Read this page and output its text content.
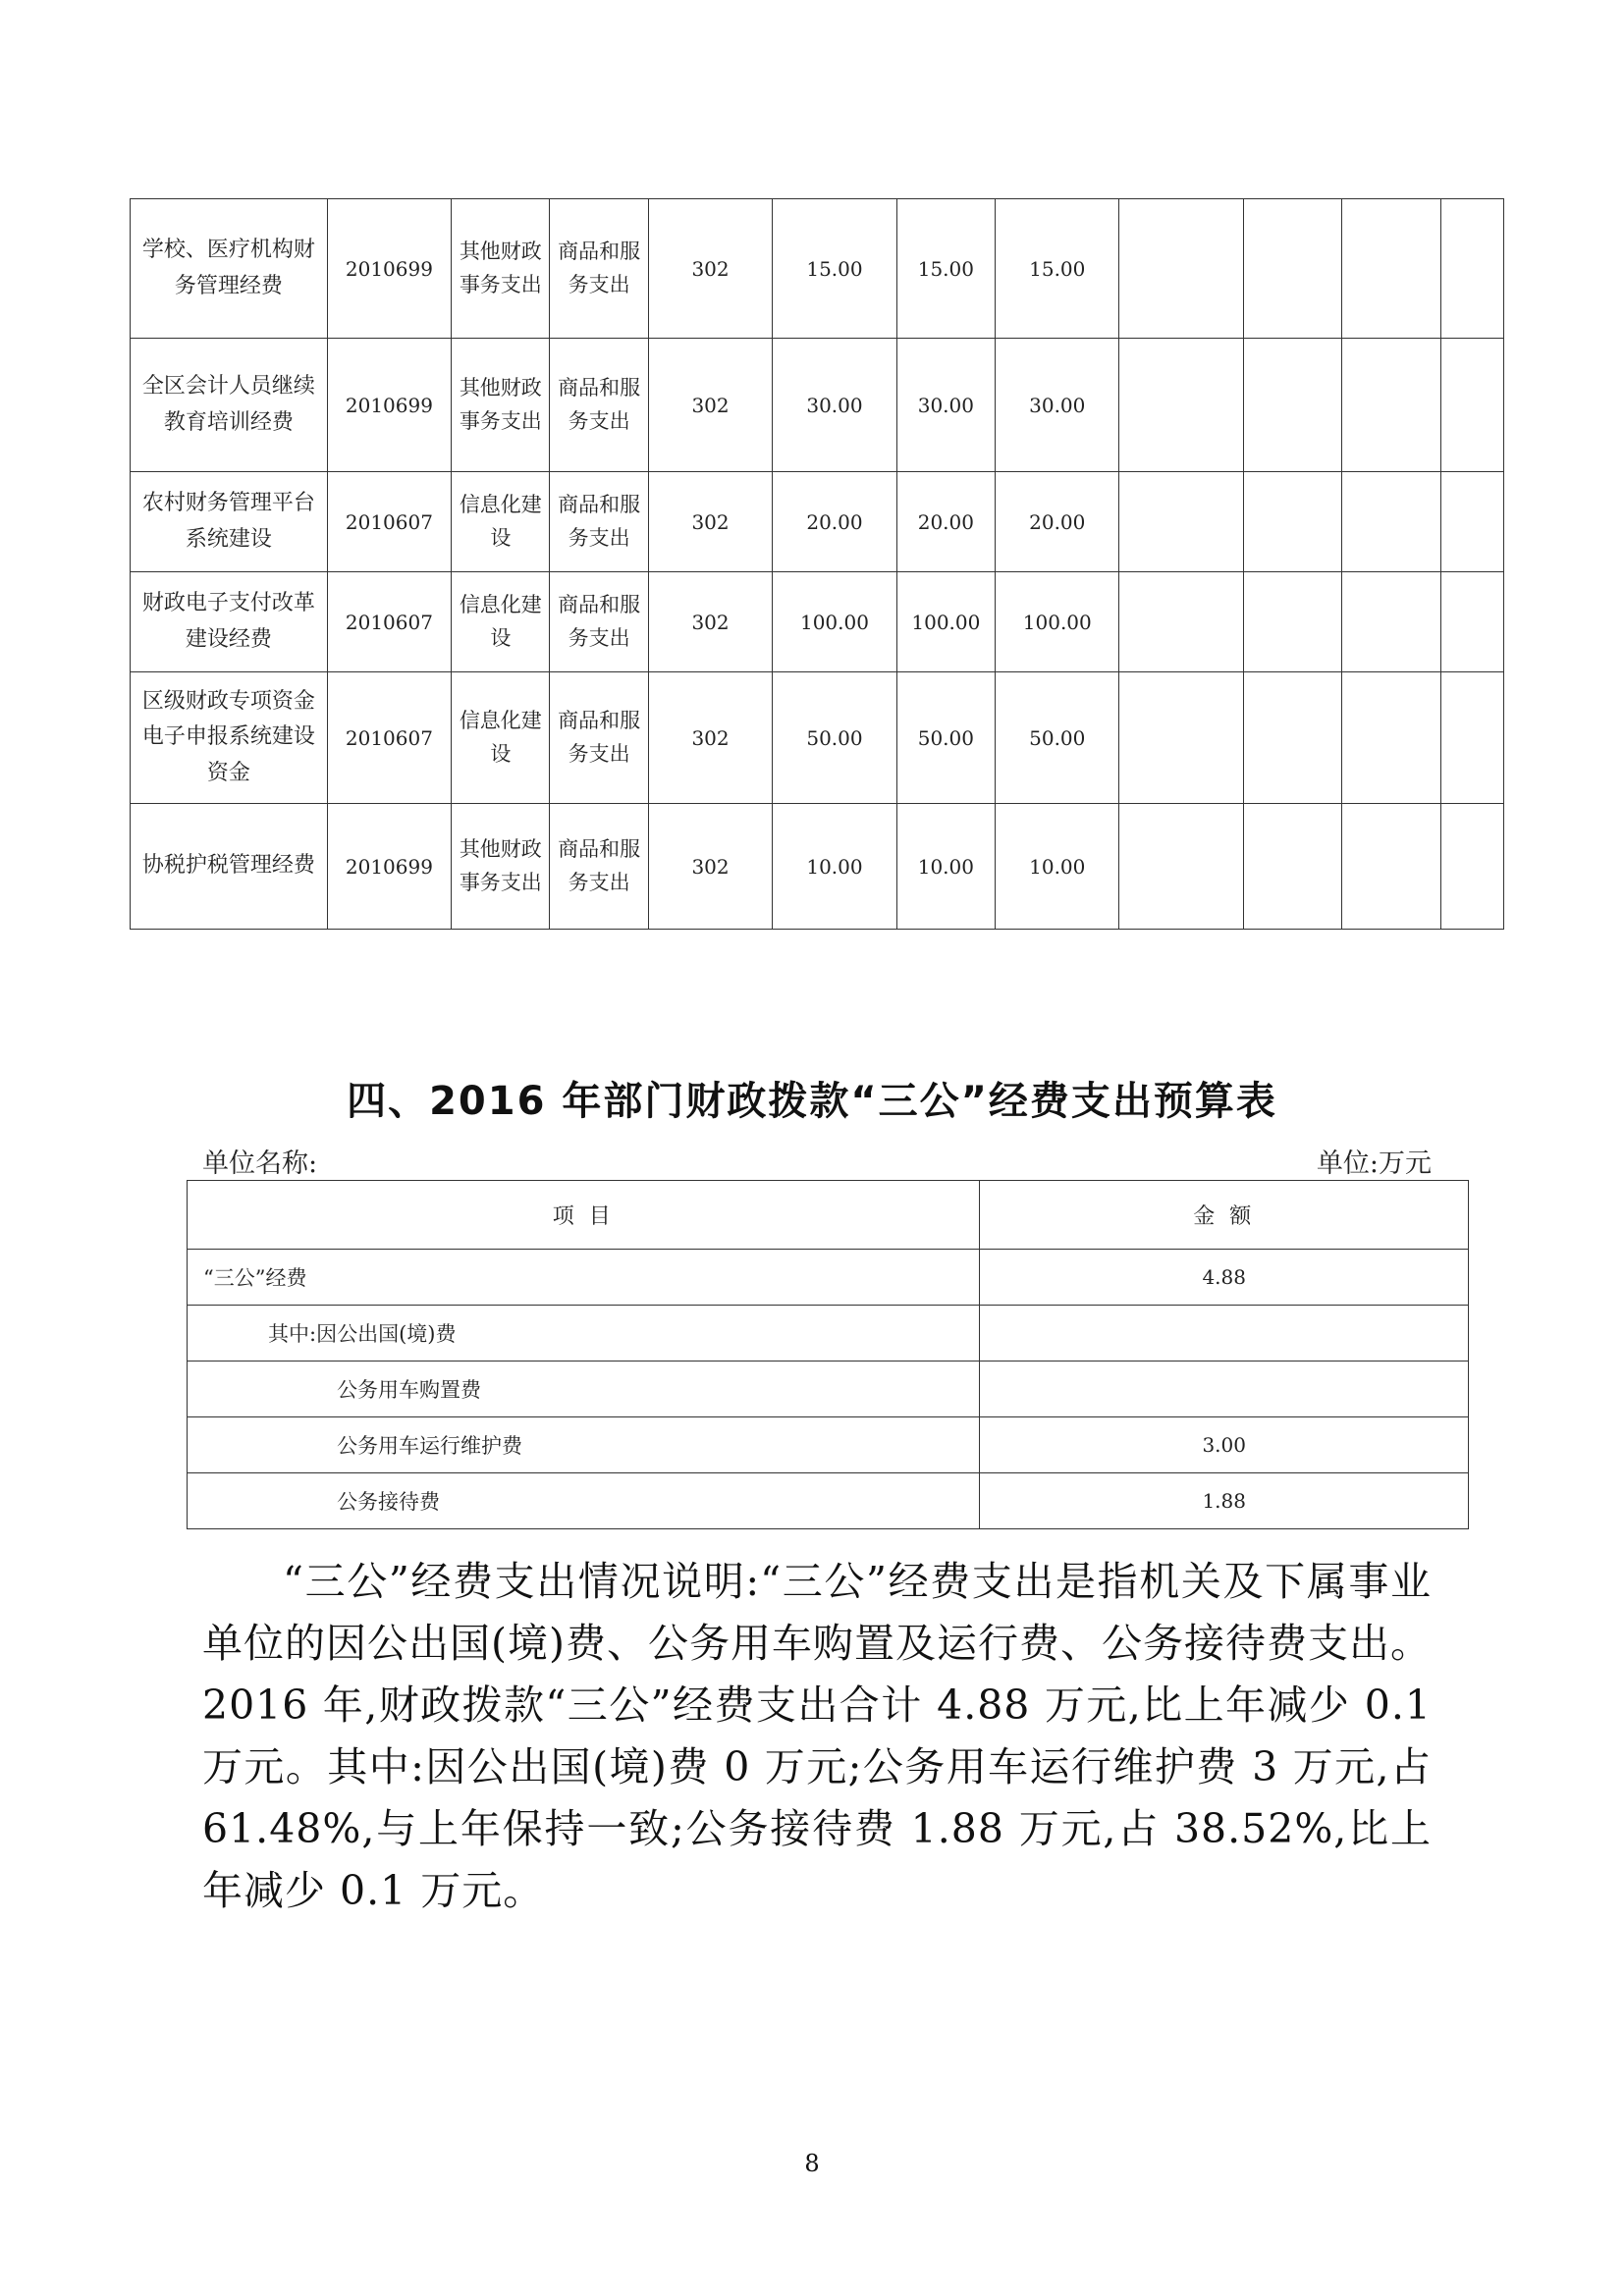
学校、医疗机构财务管理经费	2010699	其他财政事务支出	商品和服务支出	302	15.00	15.00	15.00				
全区会计人员继续教育培训经费	2010699	其他财政事务支出	商品和服务支出	302	30.00	30.00	30.00				
农村财务管理平台系统建设	2010607	信息化建设	商品和服务支出	302	20.00	20.00	20.00				
财政电子支付改革建设经费	2010607	信息化建设	商品和服务支出	302	100.00	100.00	100.00				
区级财政专项资金电子申报系统建设资金	2010607	信息化建设	商品和服务支出	302	50.00	50.00	50.00				
协税护税管理经费	2010699	其他财政事务支出	商品和服务支出	302	10.00	10.00	10.00				
四、2016 年部门财政拨款“三公”经费支出预算表
单位名称:	单位:万元
项 目	金 额
“三公”经费	4.88
其中:因公出国(境)费	
公务用车购置费	
公务用车运行维护费	3.00
公务接待费	1.88

“三公”经费支出情况说明:“三公”经费支出是指机关及下属事业单位的因公出国(境)费、公务用车购置及运行费、公务接待费支出。2016 年,财政拨款“三公”经费支出合计 4.88 万元,比上年减少 0.1 万元。其中:因公出国(境)费 0 万元;公务用车运行维护费 3 万元,占 61.48%,与上年保持一致;公务接待费 1.88 万元,占 38.52%,比上年减少 0.1 万元。

8
